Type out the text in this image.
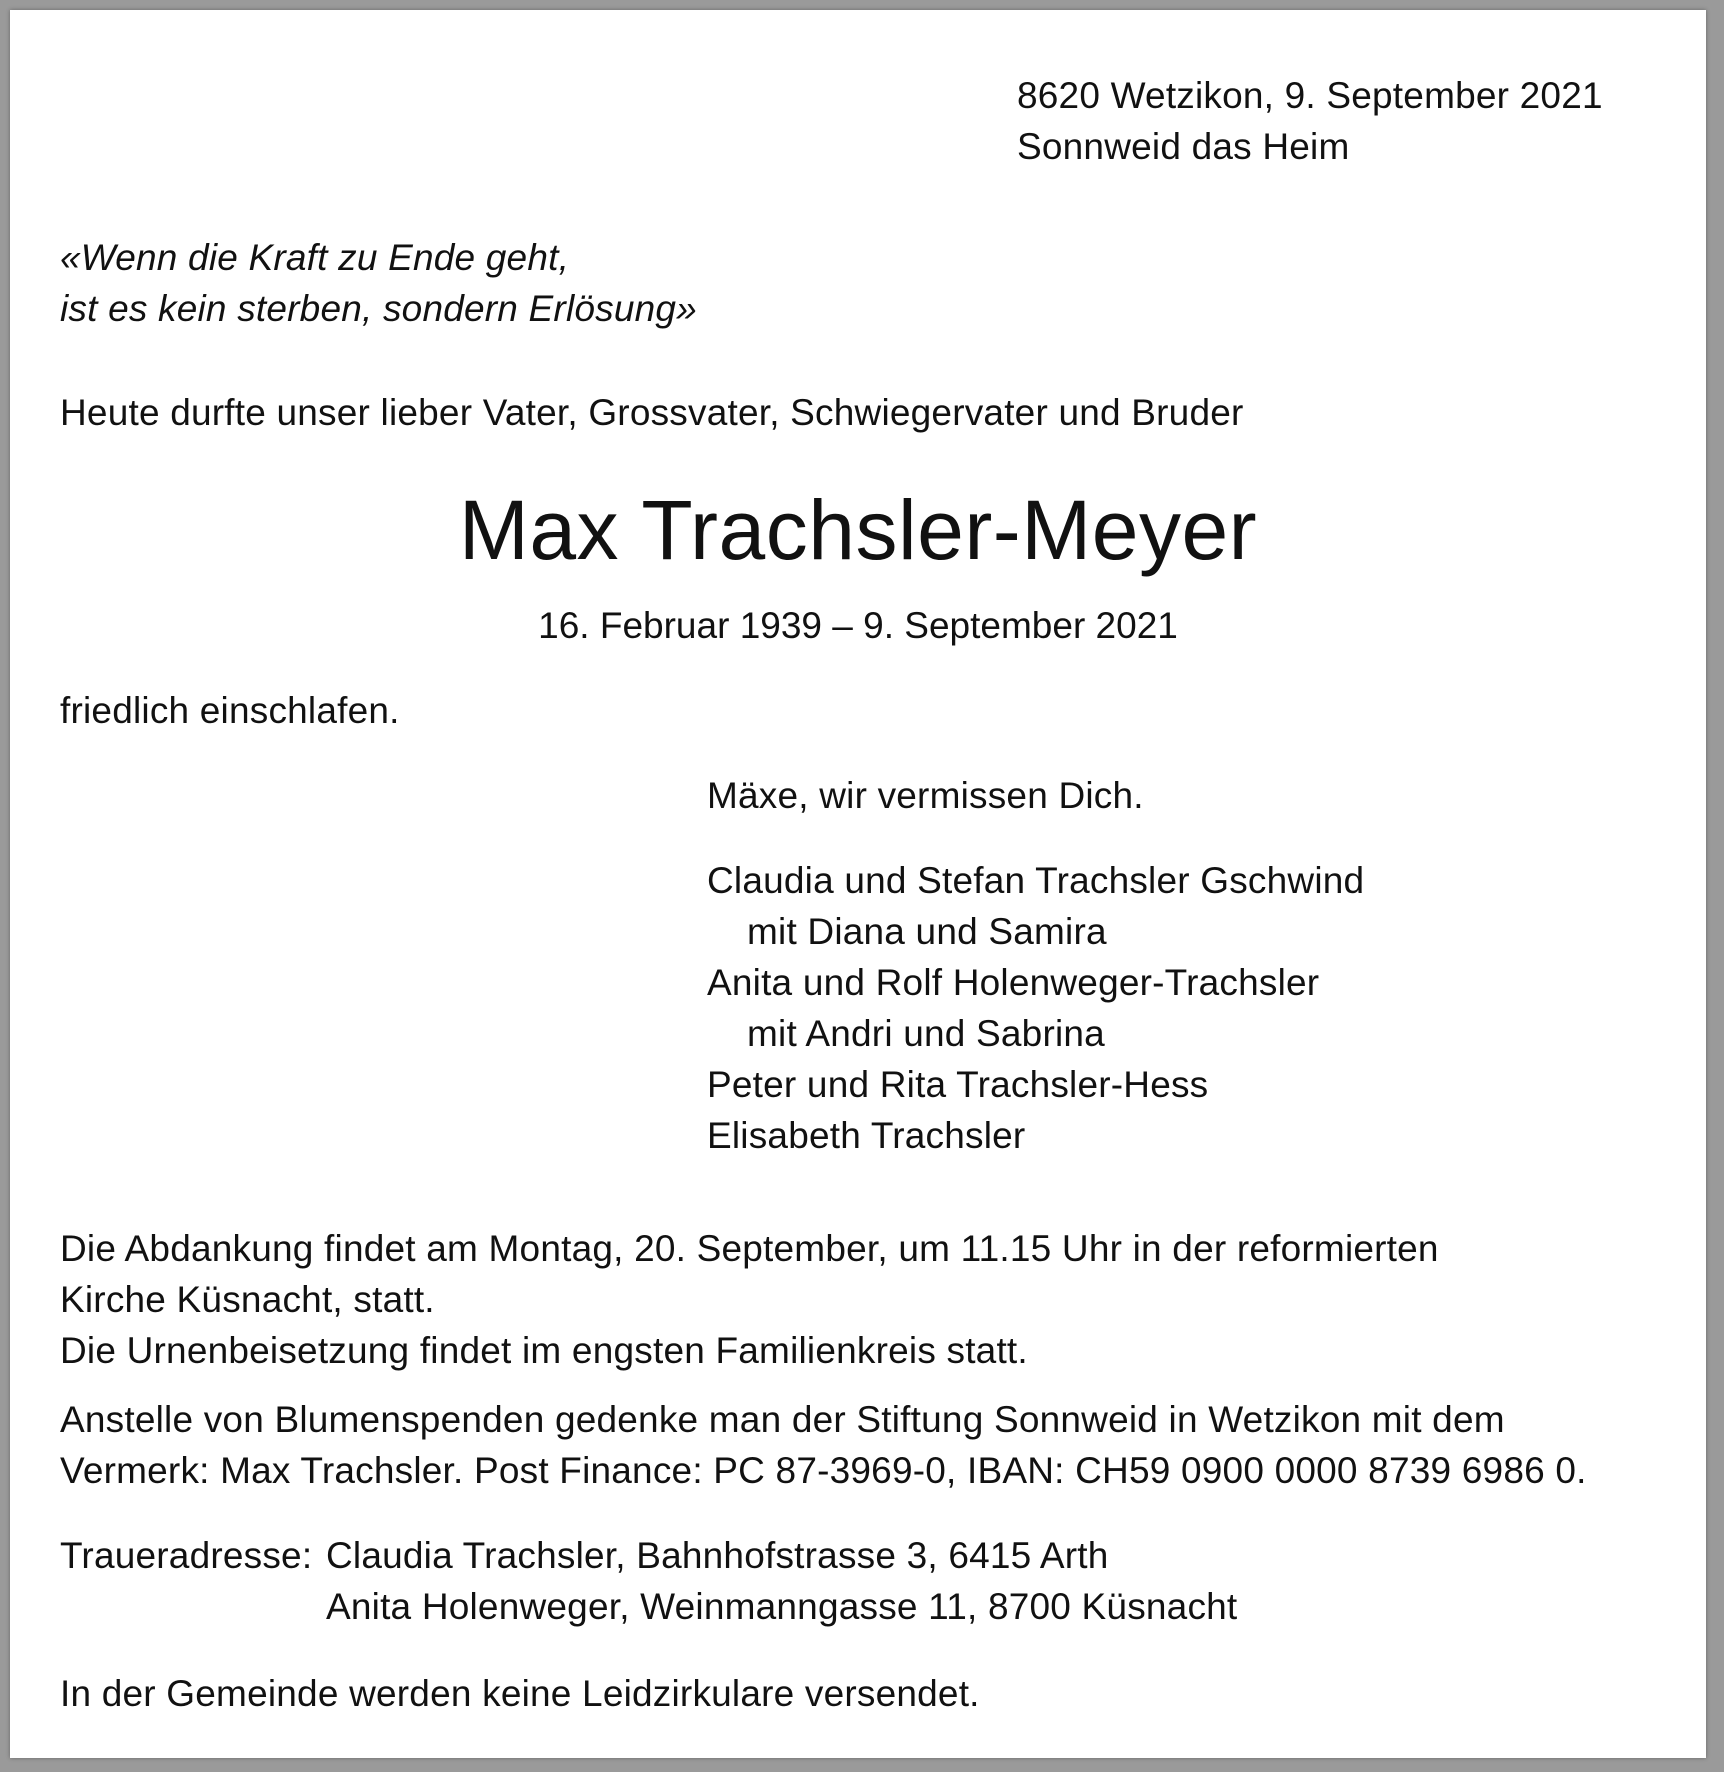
8620 Wetzikon, 9. September 2021
Sonnweid das Heim
«Wenn die Kraft zu Ende geht,
ist es kein sterben, sondern Erlösung»
Heute durfte unser lieber Vater, Grossvater, Schwiegervater und Bruder
Max Trachsler-Meyer
16. Februar 1939 – 9. September 2021
friedlich einschlafen.
Mäxe, wir vermissen Dich.
Claudia und Stefan Trachsler Gschwind
mit Diana und Samira
Anita und Rolf Holenweger-Trachsler
mit Andri und Sabrina
Peter und Rita Trachsler-Hess
Elisabeth Trachsler
Die Abdankung findet am Montag, 20. September, um 11.15 Uhr in der reformierten
Kirche Küsnacht, statt.
Die Urnenbeisetzung findet im engsten Familienkreis statt.
Anstelle von Blumenspenden gedenke man der Stiftung Sonnweid in Wetzikon mit dem
Vermerk: Max Trachsler. Post Finance: PC 87-3969-0, IBAN: CH59 0900 0000 8739 6986 0.
Traueradresse: Claudia Trachsler, Bahnhofstrasse 3, 6415 Arth
Anita Holenweger, Weinmanngasse 11, 8700 Küsnacht
In der Gemeinde werden keine Leidzirkulare versendet.
